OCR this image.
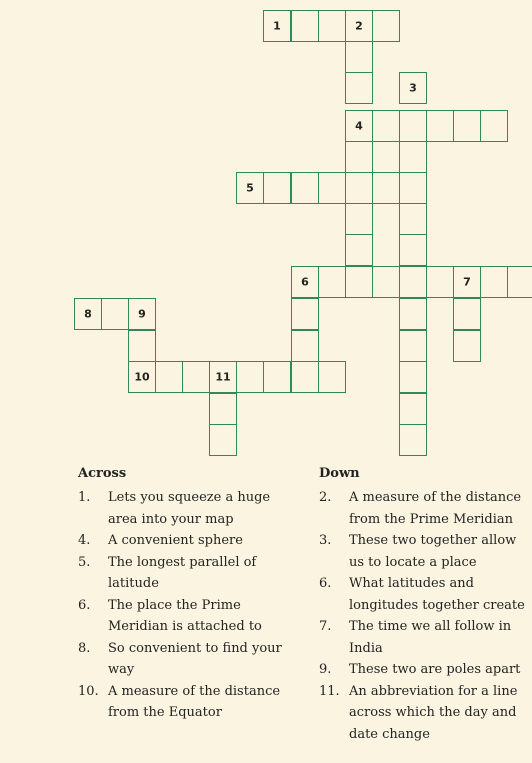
1	2
4
5
6	7
8	9
10	11
3
Across
1.	Lets you squeeze a huge area into your map
4.	A convenient sphere
5.	The longest parallel of latitude
6.	The place the Prime Meridian is attached to
8.	So convenient to find your way
10. A measure of the distance from the Equator
Down
2.	A measure of the distance from the Prime Meridian
3.	These two together allow us to locate a place
6.	What latitudes and longitudes together create
7.	The time we all follow in India
9.	These two are poles apart
11. An abbreviation for a line across which the day and date change
